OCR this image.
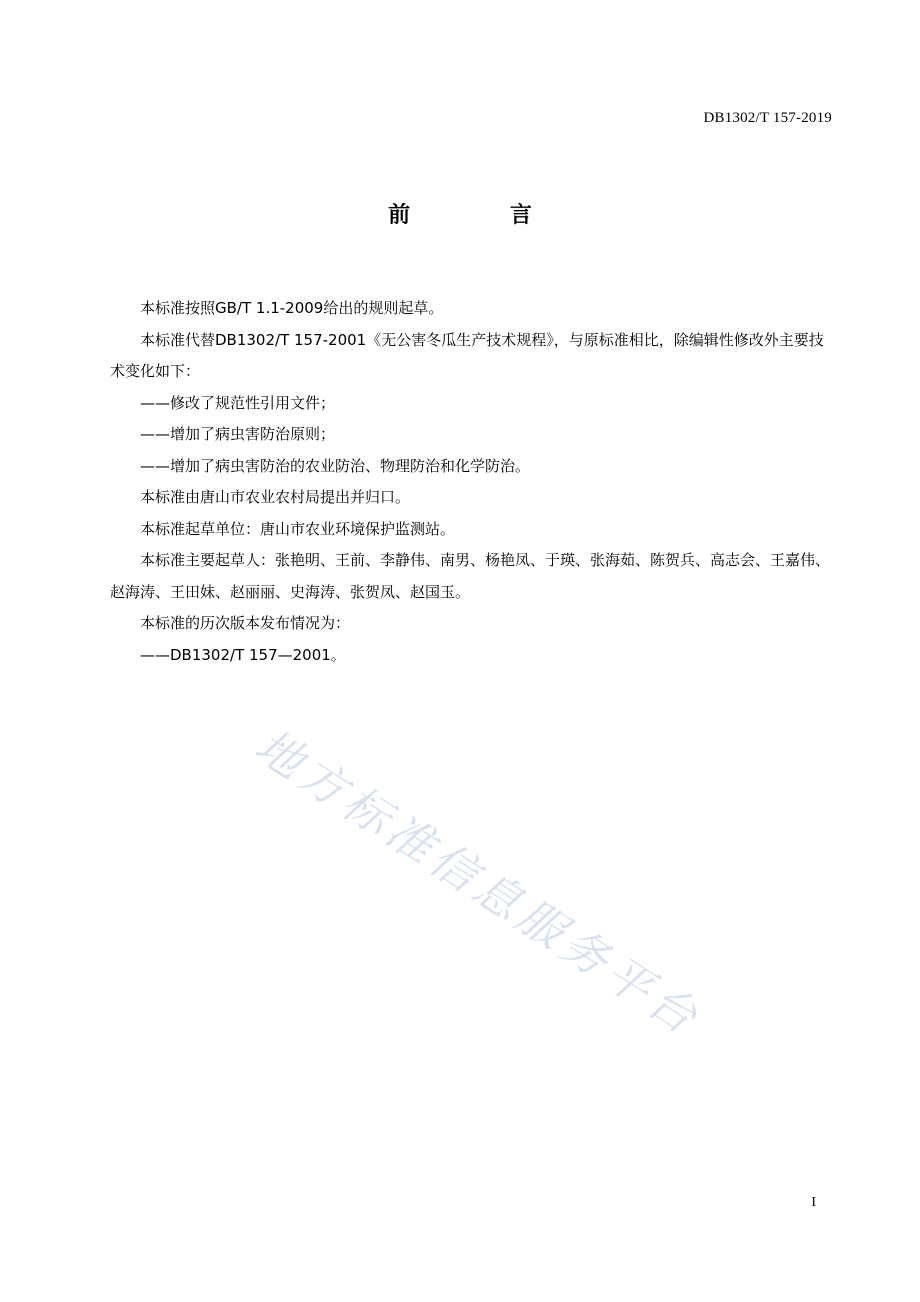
DB1302/T 157-2019
前 言

本标准按照GB/T 1.1-2009给出的规则起草。

本标准代替DB1302/T 157-2001《无公害冬瓜生产技术规程》，与原标准相比，除编辑性修改外主要技术变化如下：

——修改了规范性引用文件；

——增加了病虫害防治原则；

——增加了病虫害防治的农业防治、物理防治和化学防治。

本标准由唐山市农业农村局提出并归口。

本标准起草单位：唐山市农业环境保护监测站。

本标准主要起草人：张艳明、王前、李静伟、南男、杨艳凤、于瑛、张海茹、陈贺兵、高志会、王嘉伟、赵海涛、王田妹、赵丽丽、史海涛、张贺凤、赵国玉。

本标准的历次版本发布情况为：

——DB1302/T 157—2001。

地方标准信息服务平台
I
